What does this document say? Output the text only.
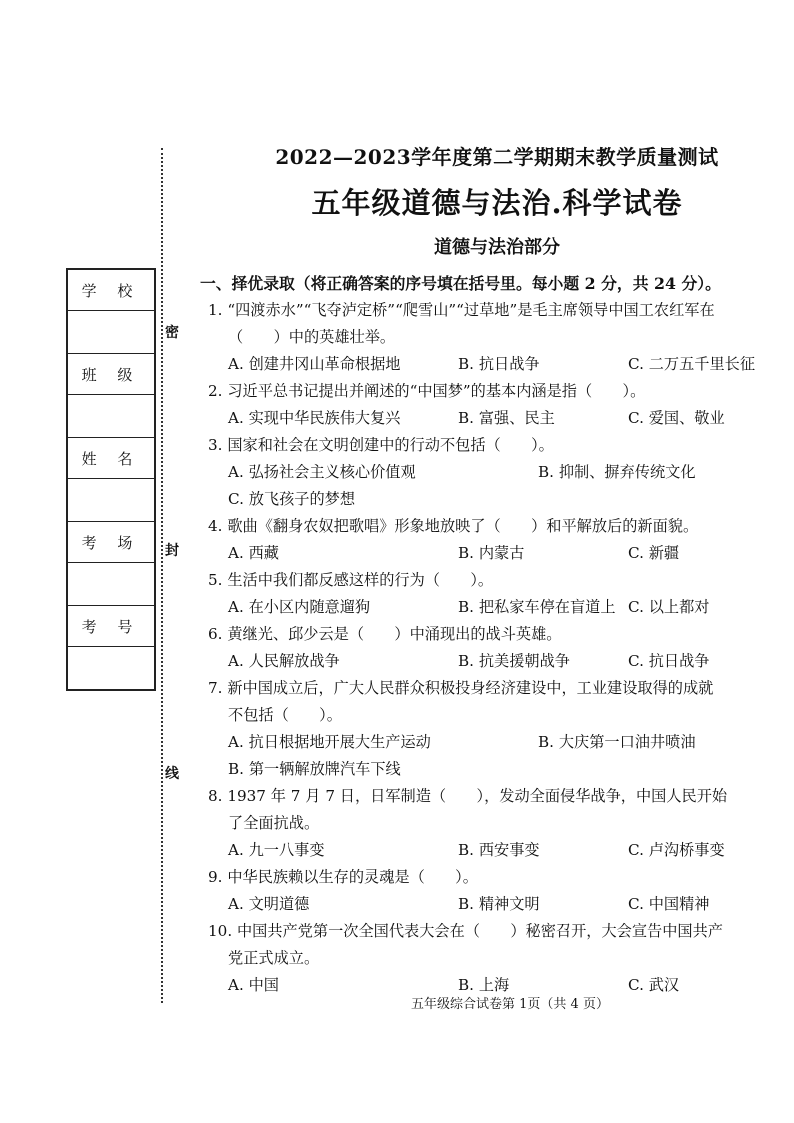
2022—2023学年度第二学期期末教学质量测试
五年级道德与法治.科学试卷
道德与法治部分
密
封
线
学 校

班 级

姓 名

考 场

考 号

一、择优录取（将正确答案的序号填在括号里。每小题 2 分，共 24 分）。
1. “四渡赤水”“飞夺泸定桥”“爬雪山”“过草地”是毛主席领导中国工农红军在
（　　）中的英雄壮举。
A. 创建井冈山革命根据地	B. 抗日战争	C. 二万五千里长征
2. 习近平总书记提出并阐述的“中国梦”的基本内涵是指（　　）。
A. 实现中华民族伟大复兴	B. 富强、民主	C. 爱国、敬业
3. 国家和社会在文明创建中的行动不包括（　　）。
A. 弘扬社会主义核心价值观	B. 抑制、摒弃传统文化
C. 放飞孩子的梦想
4. 歌曲《翻身农奴把歌唱》形象地放映了（　　）和平解放后的新面貌。
A. 西藏	B. 内蒙古	C. 新疆
5. 生活中我们都反感这样的行为（　　）。
A. 在小区内随意遛狗	B. 把私家车停在盲道上 C. 以上都对
6. 黄继光、邱少云是（　　）中涌现出的战斗英雄。
A. 人民解放战争	B. 抗美援朝战争	C. 抗日战争
7. 新中国成立后，广大人民群众积极投身经济建设中，工业建设取得的成就
不包括（　　）。
A. 抗日根据地开展大生产运动	B. 大庆第一口油井喷油
B. 第一辆解放牌汽车下线
8. 1937 年 7 月 7 日，日军制造（　　），发动全面侵华战争，中国人民开始
了全面抗战。
A. 九一八事变	B. 西安事变	C. 卢沟桥事变
9. 中华民族赖以生存的灵魂是（　　）。
A. 文明道德	B. 精神文明	C. 中国精神
10. 中国共产党第一次全国代表大会在（　　）秘密召开，大会宣告中国共产
党正式成立。
A. 中国	B. 上海	C. 武汉
五年级综合试卷第 1页（共 4 页）
